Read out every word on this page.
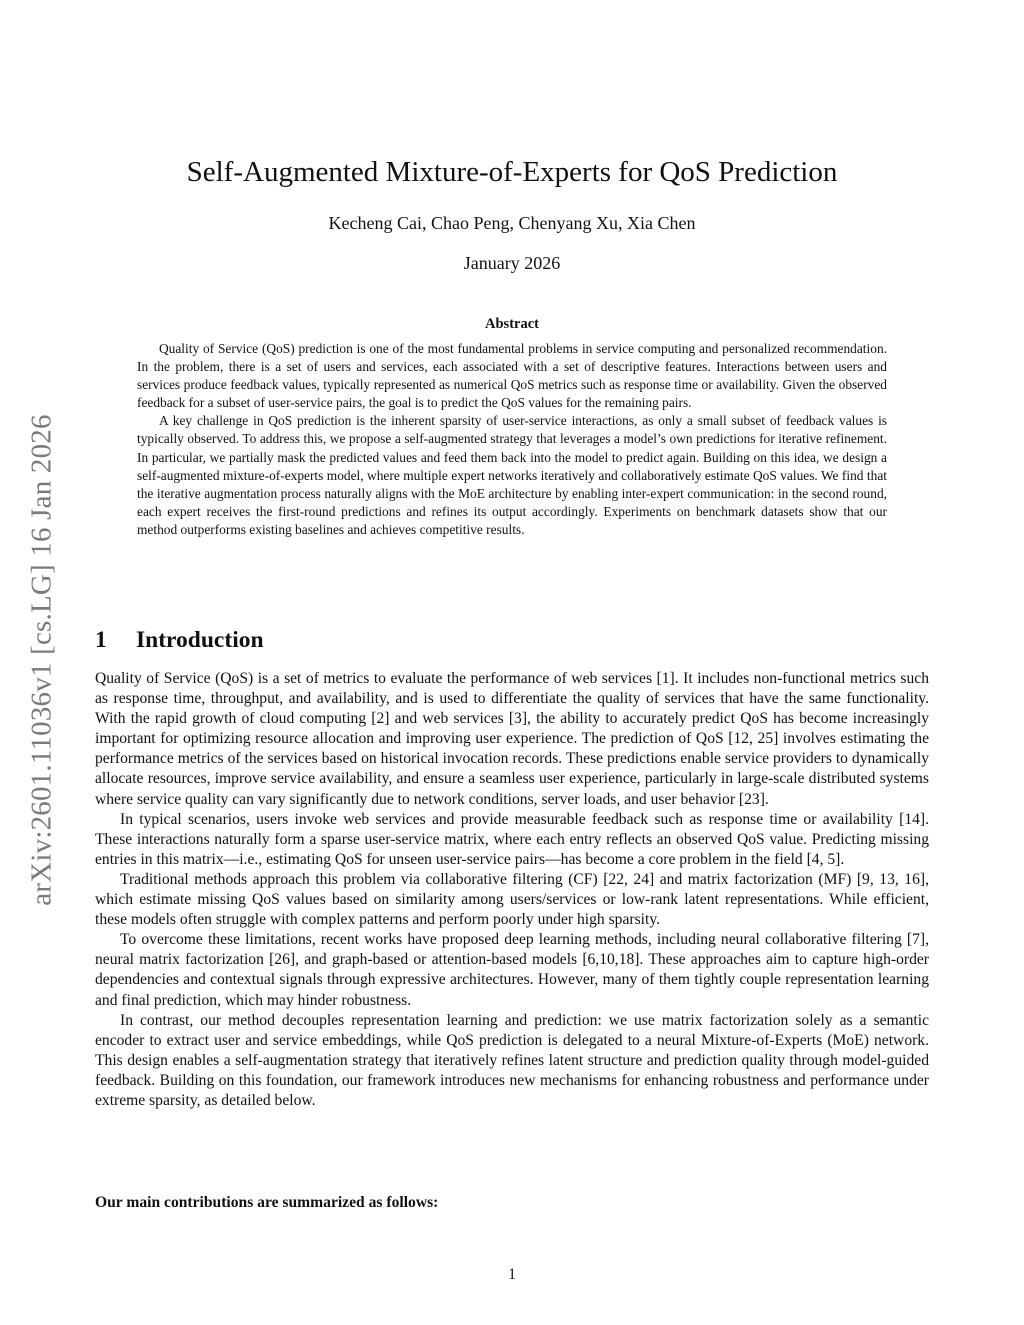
arXiv:2601.11036v1 [cs.LG] 16 Jan 2026
Self-Augmented Mixture-of-Experts for QoS Prediction
Kecheng Cai, Chao Peng, Chenyang Xu, Xia Chen
January 2026
Abstract

Quality of Service (QoS) prediction is one of the most fundamental problems in service computing and personalized recommendation. In the problem, there is a set of users and services, each associated with a set of descriptive features. Interactions between users and services produce feedback values, typically represented as numerical QoS metrics such as response time or availability. Given the observed feedback for a subset of user-service pairs, the goal is to predict the QoS values for the remaining pairs.

A key challenge in QoS prediction is the inherent sparsity of user-service interactions, as only a small subset of feedback values is typically observed. To address this, we propose a self-augmented strategy that leverages a model’s own predictions for iterative refinement. In particular, we partially mask the predicted values and feed them back into the model to predict again. Building on this idea, we design a self-augmented mixture-of-experts model, where multiple expert networks iteratively and collaboratively estimate QoS values. We find that the iterative augmentation process naturally aligns with the MoE architecture by enabling inter-expert communication: in the second round, each expert receives the first-round predictions and refines its output accordingly. Experiments on benchmark datasets show that our method outperforms existing baselines and achieves competitive results.

1 Introduction

Quality of Service (QoS) is a set of metrics to evaluate the performance of web services [1]. It includes non-functional metrics such as response time, throughput, and availability, and is used to differentiate the quality of services that have the same functionality. With the rapid growth of cloud computing [2] and web services [3], the ability to accurately predict QoS has become increasingly important for optimizing resource allocation and improving user experience. The prediction of QoS [12, 25] involves estimating the performance metrics of the services based on historical invocation records. These predictions enable service providers to dynamically allocate resources, improve service availability, and ensure a seamless user experience, particularly in large-scale distributed systems where service quality can vary significantly due to network conditions, server loads, and user behavior [23].

In typical scenarios, users invoke web services and provide measurable feedback such as response time or availability [14]. These interactions naturally form a sparse user-service matrix, where each entry reflects an observed QoS value. Predicting missing entries in this matrix—i.e., estimating QoS for unseen user-service pairs—has become a core problem in the field [4, 5].

Traditional methods approach this problem via collaborative filtering (CF) [22, 24] and matrix factorization (MF) [9, 13, 16], which estimate missing QoS values based on similarity among users/services or low-rank latent representations. While efficient, these models often struggle with complex patterns and perform poorly under high sparsity.

To overcome these limitations, recent works have proposed deep learning methods, including neural collaborative filtering [7], neural matrix factorization [26], and graph-based or attention-based models [6,10,18]. These approaches aim to capture high-order dependencies and contextual signals through expressive architectures. However, many of them tightly couple representation learning and final prediction, which may hinder robustness.

In contrast, our method decouples representation learning and prediction: we use matrix factorization solely as a semantic encoder to extract user and service embeddings, while QoS prediction is delegated to a neural Mixture-of-Experts (MoE) network. This design enables a self-augmentation strategy that iteratively refines latent structure and prediction quality through model-guided feedback. Building on this foundation, our framework introduces new mechanisms for enhancing robustness and performance under extreme sparsity, as detailed below.

Our main contributions are summarized as follows:
1
